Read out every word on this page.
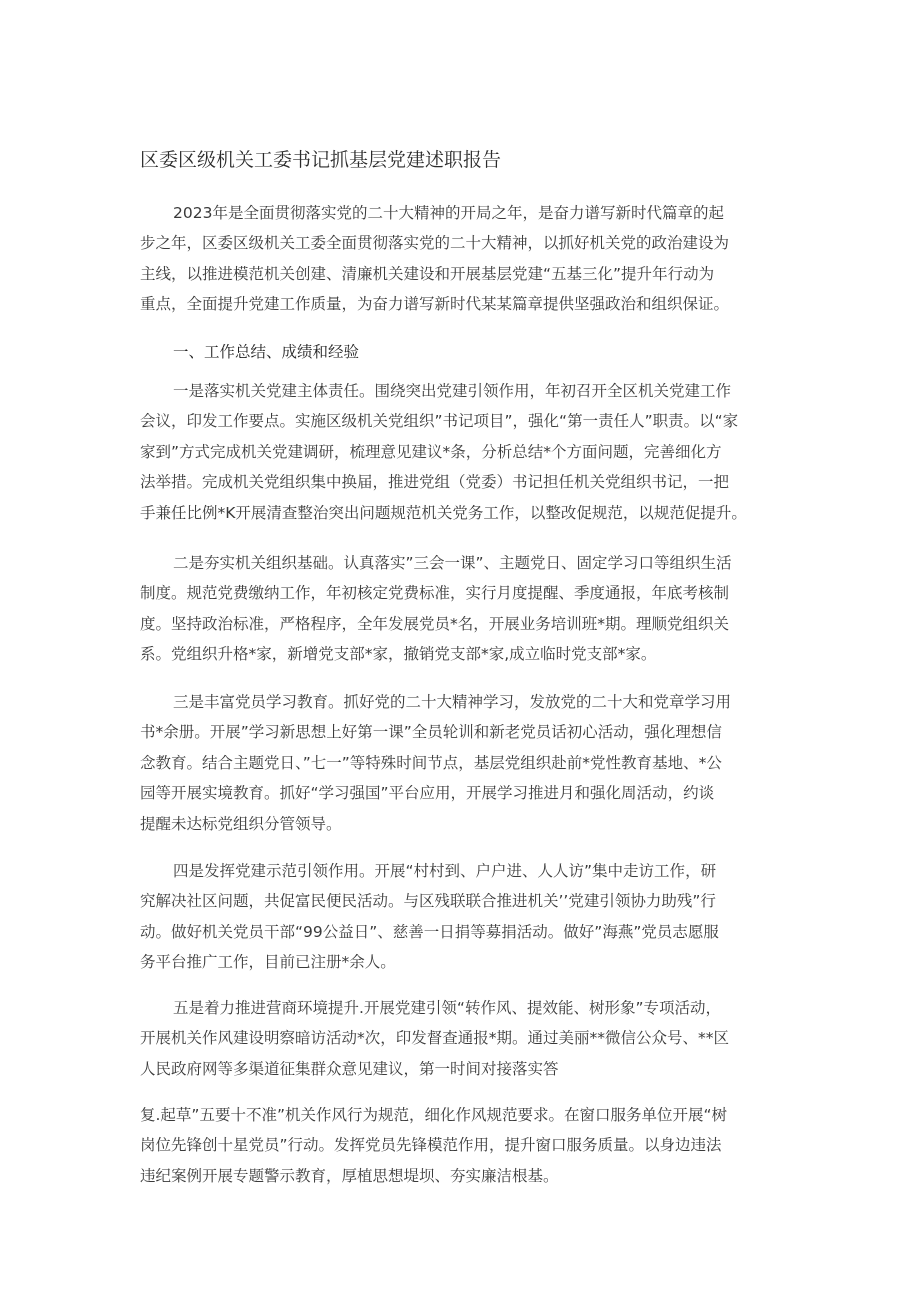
区委区级机关工委书记抓基层党建述职报告
2023年是全面贯彻落实党的二十大精神的开局之年，是奋力谱写新时代篇章的起
步之年，区委区级机关工委全面贯彻落实党的二十大精神，以抓好机关党的政治建设为
主线，以推进模范机关创建、清廉机关建设和开展基层党建“五基三化”提升年行动为
重点，全面提升党建工作质量，为奋力谱写新时代某某篇章提供坚强政治和组织保证。
一、工作总结、成绩和经验
一是落实机关党建主体责任。围绕突出党建引领作用，年初召开全区机关党建工作
会议，印发工作要点。实施区级机关党组织”书记项目”，强化“第一责任人”职责。以“家
家到”方式完成机关党建调研，梳理意见建议*条，分析总结*个方面问题，完善细化方
法举措。完成机关党组织集中换届，推进党组（党委）书记担任机关党组织书记，一把
手兼任比例*K开展清查整治突出问题规范机关党务工作，以整改促规范，以规范促提升。
二是夯实机关组织基础。认真落实”三会一课”、主题党日、固定学习口等组织生活
制度。规范党费缴纳工作，年初核定党费标准，实行月度提醒、季度通报，年底考核制
度。坚持政治标准，严格程序，全年发展党员*名，开展业务培训班*期。理顺党组织关
系。党组织升格*家，新增党支部*家，撤销党支部*家,成立临时党支部*家。
三是丰富党员学习教育。抓好党的二十大精神学习，发放党的二十大和党章学习用
书*余册。开展”学习新思想上好第一课”全员轮训和新老党员话初心活动，强化理想信
念教育。结合主题党日、”七一”等特殊时间节点，基层党组织赴前*党性教育基地、*公
园等开展实境教育。抓好“学习强国”平台应用，开展学习推进月和强化周活动，约谈
提醒未达标党组织分管领导。
四是发挥党建示范引领作用。开展“村村到、户户进、人人访”集中走访工作，研
究解决社区问题，共促富民便民活动。与区残联联合推进机关’’党建引领协力助残”行
动。做好机关党员干部“99公益日”、慈善一日捐等募捐活动。做好”海燕”党员志愿服
务平台推广工作，目前已注册*余人。
五是着力推进营商环境提升.开展党建引领“转作风、提效能、树形象”专项活动，
开展机关作风建设明察暗访活动*次，印发督查通报*期。通过美丽**微信公众号、**区
人民政府网等多渠道征集群众意见建议，第一时间对接落实答
复.起草”五要十不准”机关作风行为规范，细化作风规范要求。在窗口服务单位开展“树
岗位先锋创十星党员”行动。发挥党员先锋模范作用，提升窗口服务质量。以身边违法
违纪案例开展专题警示教育，厚植思想堤坝、夯实廉洁根基。
